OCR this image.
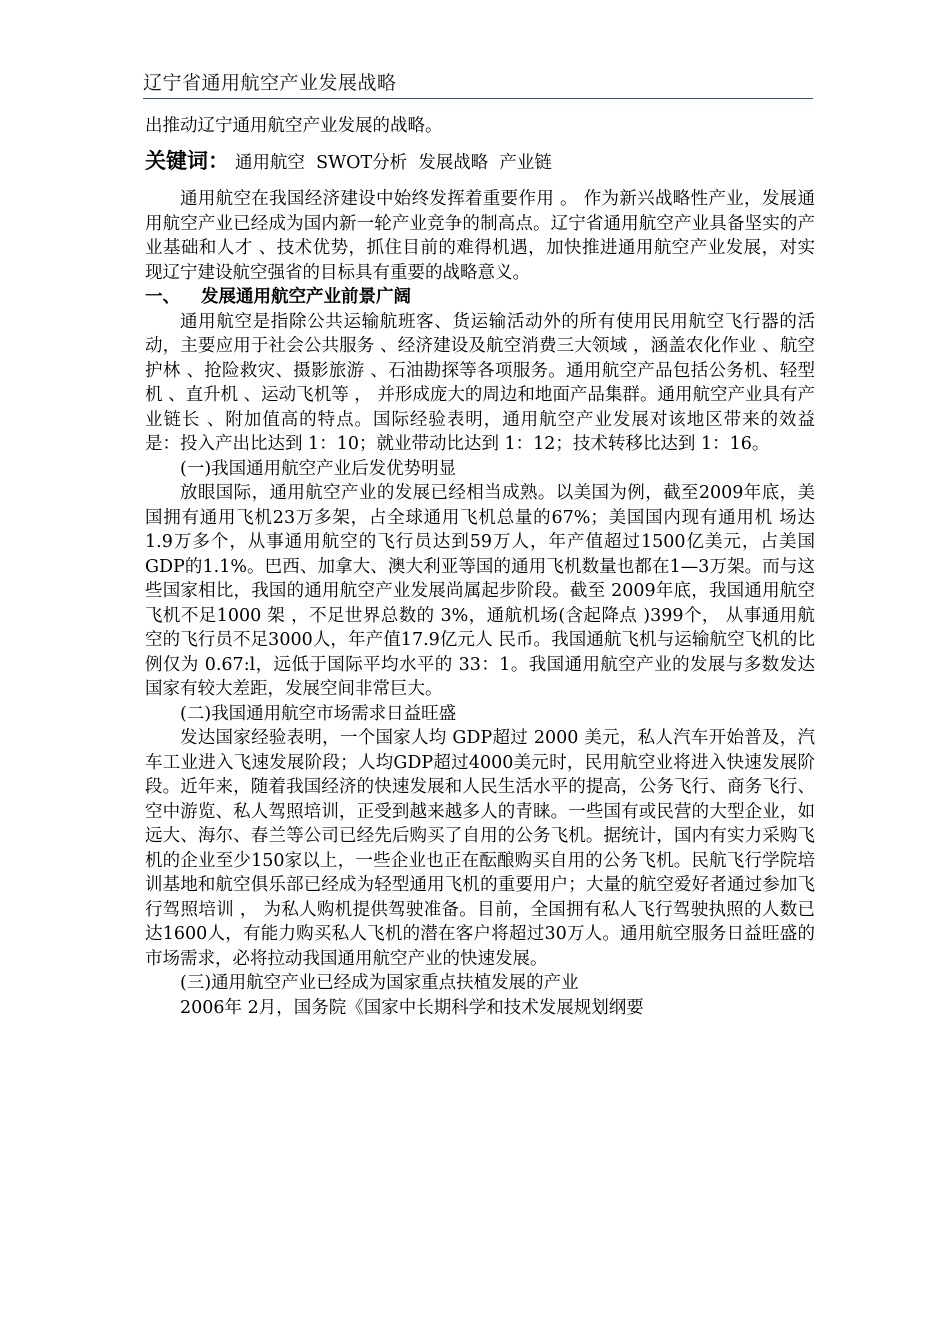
辽宁省通用航空产业发展战略

出推动辽宁通用航空产业发展的战略。

关键词： 通用航空  SWOT分析  发展战略  产业链

通用航空在我国经济建设中始终发挥着重要作用 。 作为新兴战略性产业，发展通用航空产业已经成为国内新一轮产业竞争的制高点。辽宁省通用航空产业具备坚实的产业基础和人才 、技术优势，抓住目前的难得机遇，加快推进通用航空产业发展，对实现辽宁建设航空强省的目标具有重要的战略意义。

一、 发展通用航空产业前景广阔

通用航空是指除公共运输航班客、货运输活动外的所有使用民用航空飞行器的活动，主要应用于社会公共服务 、经济建设及航空消费三大领域 ，涵盖农化作业 、航空护林 、抢险救灾、摄影旅游 、石油勘探等各项服务。通用航空产品包括公务机、轻型机 、直升机 、运动飞机等 ， 并形成庞大的周边和地面产品集群。通用航空产业具有产业链长 、附加值高的特点。国际经验表明，通用航空产业发展对该地区带来的效益是：投入产出比达到 1：10；就业带动比达到 1：12；技术转移比达到 1：16。

(一)我国通用航空产业后发优势明显

放眼国际，通用航空产业的发展已经相当成熟。以美国为例，截至2009年底，美国拥有通用飞机23万多架，占全球通用飞机总量的67%；美国国内现有通用机 场达 1.9万多个，从事通用航空的飞行员达到59万人，年产值超过1500亿美元，占美国GDP的1.1%。巴西、加拿大、澳大利亚等国的通用飞机数量也都在1—3万架。而与这些国家相比，我国的通用航空产业发展尚属起步阶段。截至 2009年底，我国通用航空飞机不足1000 架 ，不足世界总数的 3%，通航机场(含起降点 )399个， 从事通用航空的飞行员不足3000人，年产值17.9亿元人 民币。我国通航飞机与运输航空飞机的比例仅为 0.67:l，远低于国际平均水平的 33：1。我国通用航空产业的发展与多数发达国家有较大差距，发展空间非常巨大。

(二)我国通用航空市场需求日益旺盛

发达国家经验表明，一个国家人均 GDP超过 2000 美元，私人汽车开始普及，汽车工业进入飞速发展阶段；人均GDP超过4000美元时，民用航空业将进入快速发展阶段。近年来，随着我国经济的快速发展和人民生活水平的提高，公务飞行、商务飞行、空中游览、私人驾照培训，正受到越来越多人的青睐。一些国有或民营的大型企业，如远大、海尔、春兰等公司已经先后购买了自用的公务飞机。据统计，国内有实力采购飞机的企业至少150家以上，一些企业也正在酝酿购买自用的公务飞机。民航飞行学院培训基地和航空俱乐部已经成为轻型通用飞机的重要用户；大量的航空爱好者通过参加飞行驾照培训 ， 为私人购机提供驾驶准备。目前，全国拥有私人飞行驾驶执照的人数已达1600人，有能力购买私人飞机的潜在客户将超过30万人。通用航空服务日益旺盛的市场需求，必将拉动我国通用航空产业的快速发展。

(三)通用航空产业已经成为国家重点扶植发展的产业

2006年 2月，国务院《国家中长期科学和技术发展规划纲要
